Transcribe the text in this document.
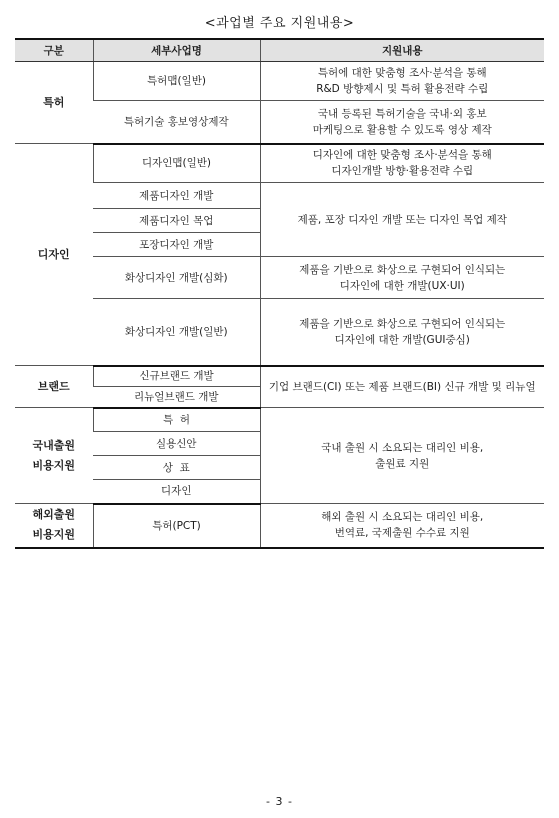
<과업별 주요 지원내용>
구분	세부사업명	지원내용
특허	특허맵(일반)	특허에 대한 맞춤형 조사·분석을 통해
R&D 방향제시 및 특허 활용전략 수립

	특허기술 홍보영상제작	국내 등록된 특허기술을 국내·외 홍보
마케팅으로 활용할 수 있도록 영상 제작

디자인	디자인맵(일반)	디자인에 대한 맞춤형 조사·분석을 통해
디자인개발 방향·활용전략 수립

	제품디자인 개발	제품, 포장 디자인 개발 또는 디자인 목업 제작
	제품디자인 목업	
	포장디자인 개발	
	화상디자인 개발(심화)	제품을 기반으로 화상으로 구현되어 인식되는
디자인에 대한 개발(UX·UI)

	화상디자인 개발(일반)	제품을 기반으로 화상으로 구현되어 인식되는
디자인에 대한 개발(GUI중심)

브랜드	신규브랜드 개발	기업 브랜드(CI) 또는 제품 브랜드(BI) 신규 개발 및 리뉴얼
	리뉴얼브랜드 개발	

국내출원
비용지원	특  허	국내 출원 시 소요되는 대리인 비용,
출원료 지원

	실용신안	
	상  표	
	디자인	

해외출원
비용지원	특허(PCT)	해외 출원 시 소요되는 대리인 비용,
번역료, 국제출원 수수료 지원
- 3 -
